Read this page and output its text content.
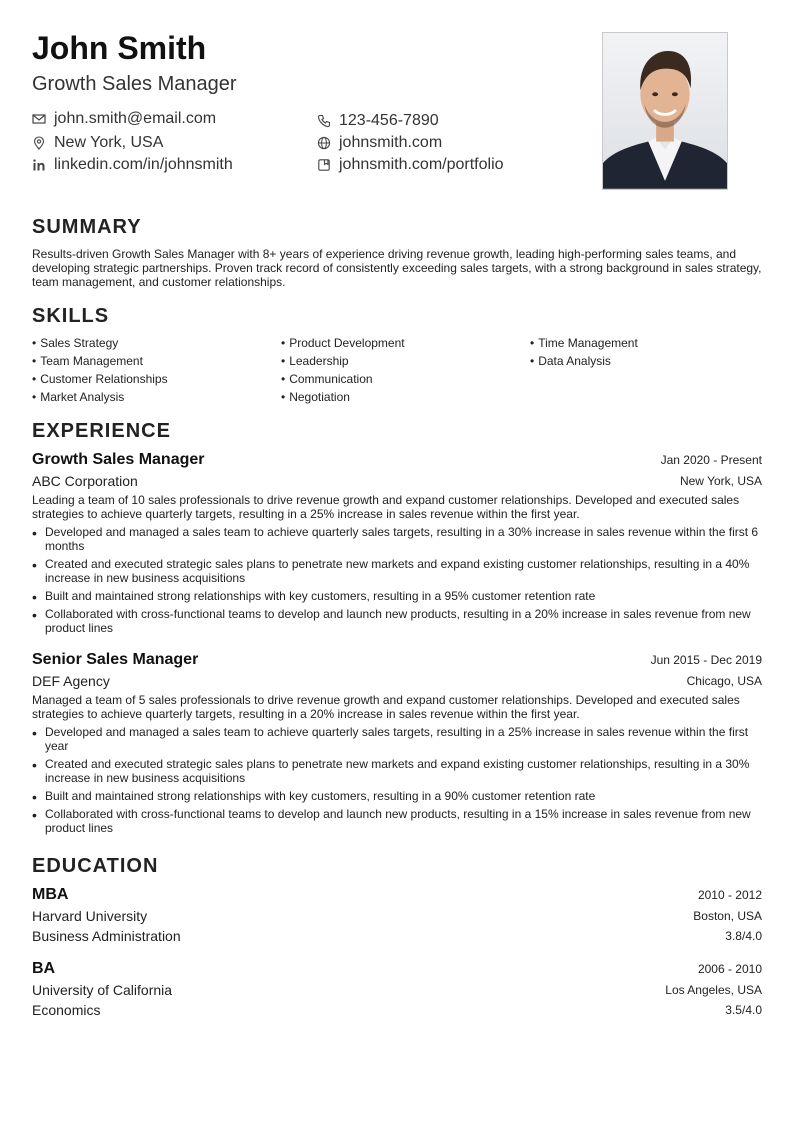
John Smith
Growth Sales Manager
john.smith@email.com	123-456-7890
New York, USA	johnsmith.com
linkedin.com/in/johnsmith	johnsmith.com/portfolio
SUMMARY
Results-driven Growth Sales Manager with 8+ years of experience driving revenue growth, leading high-performing sales teams, and developing strategic partnerships. Proven track record of consistently exceeding sales targets, with a strong background in sales strategy, team management, and customer relationships.
SKILLS
• Sales Strategy
• Team Management
• Customer Relationships
• Market Analysis
• Product Development
• Leadership
• Communication
• Negotiation
• Time Management
• Data Analysis
EXPERIENCE
Growth Sales Manager	Jan 2020 - Present
ABC Corporation	New York, USA
Leading a team of 10 sales professionals to drive revenue growth and expand customer relationships. Developed and executed sales strategies to achieve quarterly targets, resulting in a 25% increase in sales revenue within the first year.
• Developed and managed a sales team to achieve quarterly sales targets, resulting in a 30% increase in sales revenue within the first 6 months
• Created and executed strategic sales plans to penetrate new markets and expand existing customer relationships, resulting in a 40% increase in new business acquisitions
• Built and maintained strong relationships with key customers, resulting in a 95% customer retention rate
• Collaborated with cross-functional teams to develop and launch new products, resulting in a 20% increase in sales revenue from new product lines
Senior Sales Manager	Jun 2015 - Dec 2019
DEF Agency	Chicago, USA
Managed a team of 5 sales professionals to drive revenue growth and expand customer relationships. Developed and executed sales strategies to achieve quarterly targets, resulting in a 20% increase in sales revenue within the first year.
• Developed and managed a sales team to achieve quarterly sales targets, resulting in a 25% increase in sales revenue within the first year
• Created and executed strategic sales plans to penetrate new markets and expand existing customer relationships, resulting in a 30% increase in new business acquisitions
• Built and maintained strong relationships with key customers, resulting in a 90% customer retention rate
• Collaborated with cross-functional teams to develop and launch new products, resulting in a 15% increase in sales revenue from new product lines
EDUCATION
MBA	2010 - 2012
Harvard University	Boston, USA
Business Administration	3.8/4.0
BA	2006 - 2010
University of California	Los Angeles, USA
Economics	3.5/4.0
